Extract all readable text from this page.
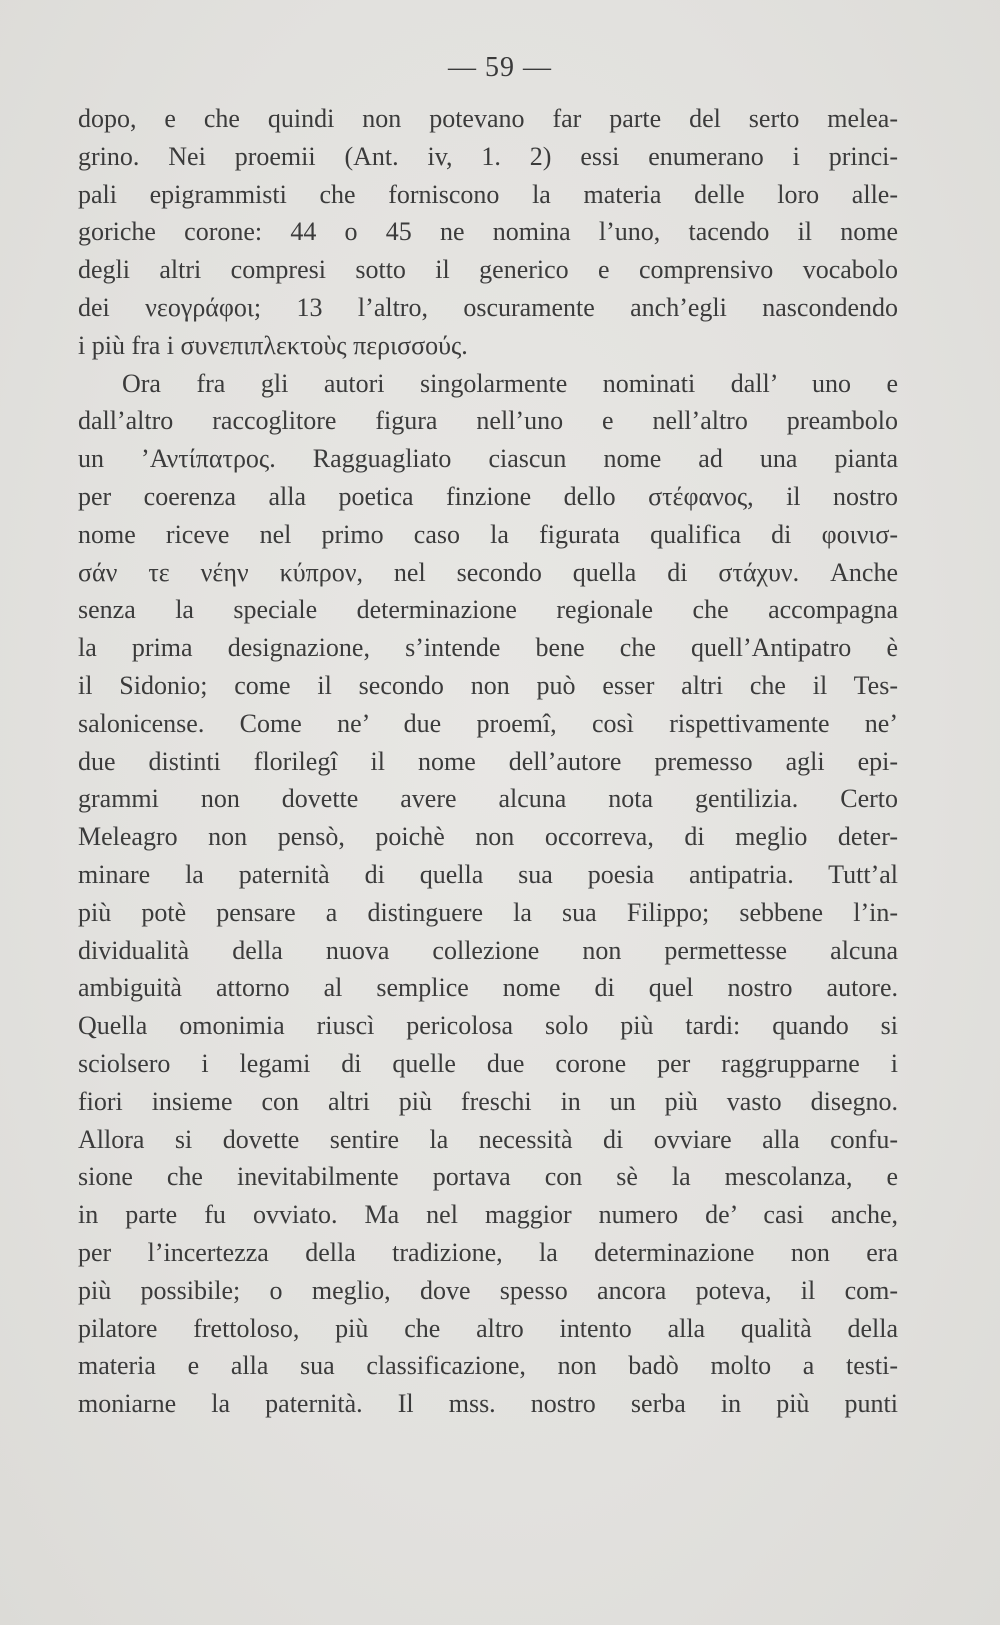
— 59 —
dopo, e che quindi non potevano far parte del serto melea-
grino. Nei proemii (Ant. iv, 1. 2) essi enumerano i princi-
pali epigrammisti che forniscono la materia delle loro alle-
goriche corone: 44 o 45 ne nomina l’uno, tacendo il nome
degli altri compresi sotto il generico e comprensivo vocabolo
dei νεογράφοι; 13 l’altro, oscuramente anch’egli nascondendo
i più fra i συνεπιπλεκτοὺς περισσούς.
Ora fra gli autori singolarmente nominati dall’ uno e
dall’altro raccoglitore figura nell’uno e nell’altro preambolo
un ’Αντίπατρος. Ragguagliato ciascun nome ad una pianta
per coerenza alla poetica finzione dello στέφανος, il nostro
nome riceve nel primo caso la figurata qualifica di φοινισ-
σάν τε νέην κύπρον, nel secondo quella di στάχυν. Anche
senza la speciale determinazione regionale che accompagna
la prima designazione, s’intende bene che quell’Antipatro è
il Sidonio; come il secondo non può esser altri che il Tes-
salonicense. Come ne’ due proemî, così rispettivamente ne’
due distinti florilegî il nome dell’autore premesso agli epi-
grammi non dovette avere alcuna nota gentilizia. Certo
Meleagro non pensò, poichè non occorreva, di meglio deter-
minare la paternità di quella sua poesia antipatria. Tutt’al
più potè pensare a distinguere la sua Filippo; sebbene l’in-
dividualità della nuova collezione non permettesse alcuna
ambiguità attorno al semplice nome di quel nostro autore.
Quella omonimia riuscì pericolosa solo più tardi: quando si
sciolsero i legami di quelle due corone per raggrupparne i
fiori insieme con altri più freschi in un più vasto disegno.
Allora si dovette sentire la necessità di ovviare alla confu-
sione che inevitabilmente portava con sè la mescolanza, e
in parte fu ovviato. Ma nel maggior numero de’ casi anche,
per l’incertezza della tradizione, la determinazione non era
più possibile; o meglio, dove spesso ancora poteva, il com-
pilatore frettoloso, più che altro intento alla qualità della
materia e alla sua classificazione, non badò molto a testi-
moniarne la paternità. Il mss. nostro serba in più punti
